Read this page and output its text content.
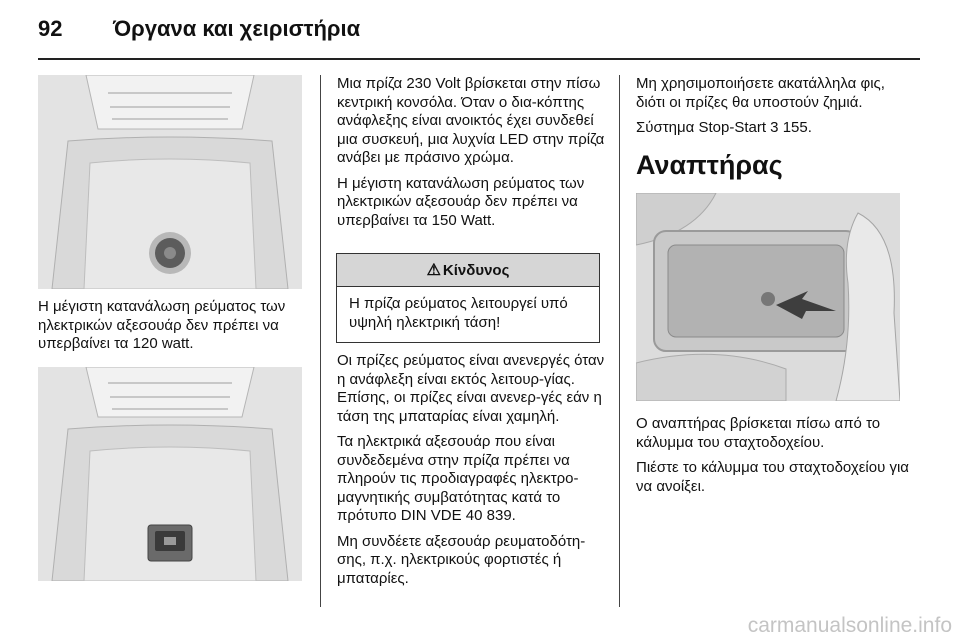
92 Όργανα και χειριστήρια

Η μέγιστη κατανάλωση ρεύματος των ηλεκτρικών αξεσουάρ δεν πρέπει να υπερβαίνει τα 120 watt.

Μια πρίζα 230 Volt βρίσκεται στην πίσω κεντρική κονσόλα. Όταν ο δια-κόπτης ανάφλεξης είναι ανοικτός έχει συνδεθεί μια συσκευή, μια λυχνία LED στην πρίζα ανάβει με πράσινο χρώμα.

Η μέγιστη κατανάλωση ρεύματος των ηλεκτρικών αξεσουάρ δεν πρέπει να υπερβαίνει τα 150 Watt.

⚠ Κίνδυνος
Η πρίζα ρεύματος λειτουργεί υπό υψηλή ηλεκτρική τάση!

Οι πρίζες ρεύματος είναι ανενεργές όταν η ανάφλεξη είναι εκτός λειτουρ-γίας. Επίσης, οι πρίζες είναι ανενερ-γές εάν η τάση της μπαταρίας είναι χαμηλή.

Τα ηλεκτρικά αξεσουάρ που είναι συνδεδεμένα στην πρίζα πρέπει να πληρούν τις προδιαγραφές ηλεκτρο-μαγνητικής συμβατότητας κατά το πρότυπο DIN VDE 40 839.

Μη συνδέετε αξεσουάρ ρευματοδότη-σης, π.χ. ηλεκτρικούς φορτιστές ή μπαταρίες.

Μη χρησιμοποιήσετε ακατάλληλα φις, διότι οι πρίζες θα υποστούν ζημιά.

Σύστημα Stop-Start 3 155.

Αναπτήρας

Ο αναπτήρας βρίσκεται πίσω από το κάλυμμα του σταχτοδοχείου.

Πιέστε το κάλυμμα του σταχτοδοχείου για να ανοίξει.

carmanualsonline.info
